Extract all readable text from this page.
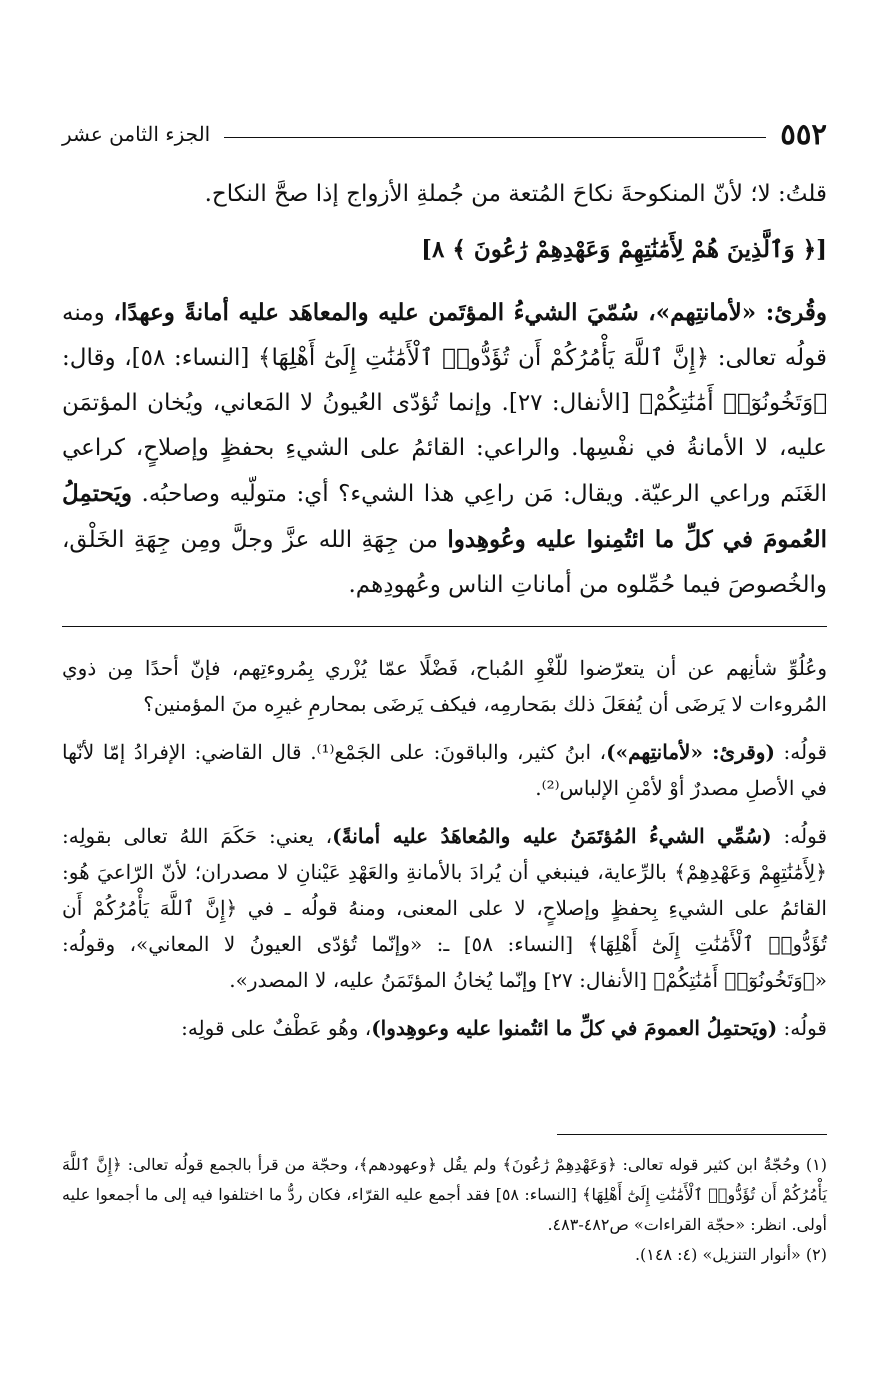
٥٥٢
الجزء الثامن عشر

قلتُ: لا؛ لأنّ المنكوحةَ نكاحَ المُتعة من جُملةِ الأزواج إذا صحَّ النكاح.

[﴿ وَٱلَّذِينَ هُمْ لِأَمَٰنَٰتِهِمْ وَعَهْدِهِمْ رَٰعُونَ ﴾ ٨]

وقُرئ: «لأمانتِهم»، سُمّيَ الشيءُ المؤتَمن عليه والمعاهَد عليه أمانةً وعهدًا، ومنه قولُه تعالى: ﴿إِنَّ ٱللَّهَ يَأْمُرُكُمْ أَن تُؤَدُّوا۟ ٱلْأَمَٰنَٰتِ إِلَىٰٓ أَهْلِهَا﴾ [النساء: ٥٨]، وقال: ﴿وَتَخُونُوٓا۟ أَمَٰنَٰتِكُمْ﴾ [الأنفال: ٢٧]. وإنما تُؤدّى العُيونُ لا المَعاني، ويُخان المؤتمَن عليه، لا الأمانةُ في نفْسِها. والراعي: القائمُ على الشيءِ بحفظٍ وإصلاحٍ، كراعي الغَنَم وراعي الرعيّة. ويقال: مَن راعِي هذا الشيء؟ أي: متولّيه وصاحبُه. ويَحتمِلُ العُمومَ في كلِّ ما ائتُمِنوا عليه وعُوهِدوا من جِهَةِ الله عزَّ وجلَّ ومِن جِهَةِ الخَلْق، والخُصوصَ فيما حُمِّلوه من أماناتِ الناس وعُهودِهم.

وعُلُوِّ شأنِهم عن أن يتعرّضوا للّغْوِ المُباح، فَضْلًا عمّا يُزْري بِمُروءتِهم، فإنّ أحدًا مِن ذوي المُروءات لا يَرضَى أن يُفعَلَ ذلك بمَحارمِه، فيكف يَرضَى بمحارمِ غيرِه منَ المؤمنين؟

قولُه: (وقرئ: «لأمانتِهم»)، ابنُ كثير، والباقونَ: على الجَمْع⁽¹⁾. قال القاضي: الإفرادُ إمّا لأنّها في الأصلِ مصدرٌ أوْ لأمْنِ الإلباس⁽²⁾.

قولُه: (سُمِّي الشيءُ المُؤتَمَنُ عليه والمُعاهَدُ عليه أمانةً)، يعني: حَكَمَ اللهُ تعالى بقولِه: ﴿لِأَمَٰنَٰتِهِمْ وَعَهْدِهِمْ﴾ بالرِّعاية، فينبغي أن يُرادَ بالأمانةِ والعَهْدِ عَيْنانِ لا مصدران؛ لأنّ الرّاعيَ هُو: القائمُ على الشيءِ بِحفظٍ وإصلاحٍ، لا على المعنى، ومنهُ قولُه ـ في ﴿إِنَّ ٱللَّهَ يَأْمُرُكُمْ أَن تُؤَدُّوا۟ ٱلْأَمَٰنَٰتِ إِلَىٰٓ أَهْلِهَا﴾ [النساء: ٥٨] ـ: «وإنّما تُؤدّى العيونُ لا المعاني»، وقولُه: «﴿وَتَخُونُوٓا۟ أَمَٰنَٰتِكُمْ﴾ [الأنفال: ٢٧] وإنّما يُخانُ المؤتَمَنُ عليه، لا المصدر».

قولُه: (ويَحتمِلُ العمومَ في كلِّ ما ائتُمنوا عليه وعوهِدوا)، وهُو عَطْفٌ على قولِه:

(١) وحُجّةُ ابن كثير قوله تعالى: ﴿وَعَهْدِهِمْ رَٰعُونَ﴾ ولم يقُل ﴿وعهودهم﴾، وحجّة من قرأ بالجمع قولُه تعالى: ﴿إِنَّ ٱللَّهَ يَأْمُرُكُمْ أَن تُؤَدُّوا۟ ٱلْأَمَٰنَٰتِ إِلَىٰٓ أَهْلِهَا﴾ [النساء: ٥٨] فقد أجمع عليه القرّاء، فكان ردُّ ما اختلفوا فيه إلى ما أجمعوا عليه أولى. انظر: «حجّة القراءات» ص٤٨٢-٤٨٣.

(٢) «أنوار التنزيل» (٤: ١٤٨).
